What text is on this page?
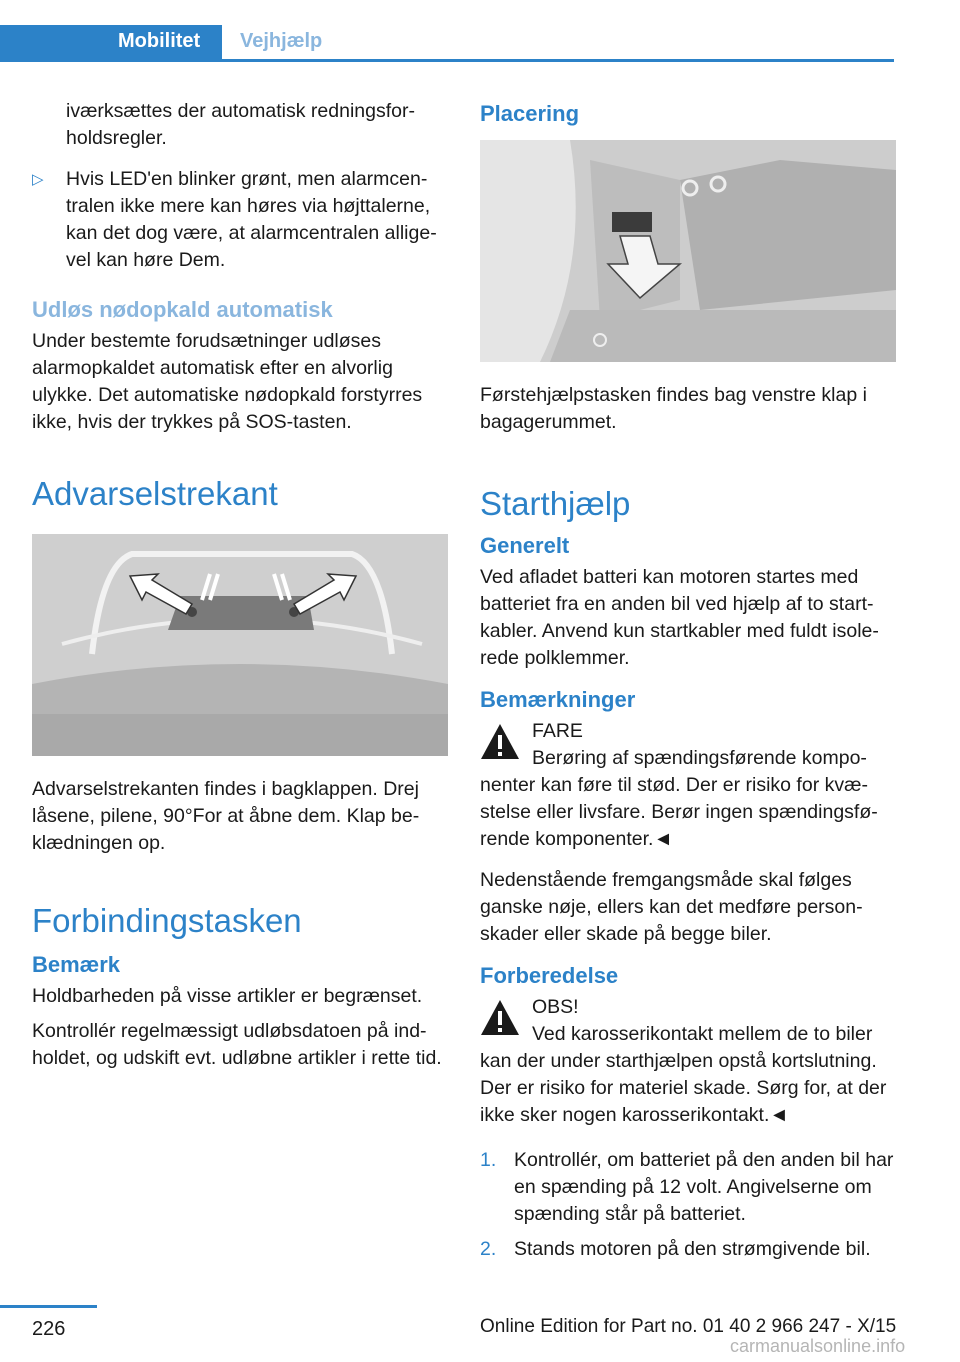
Mobilitet	Vejhjælp

iværksættes der automatisk redningsfor-holdsregler.

▷ Hvis LED'en blinker grønt, men alarmcen-tralen ikke mere kan høres via højttalerne, kan det dog være, at alarmcentralen allige-vel kan høre Dem.
Udløs nødopkald automatisk

Under bestemte forudsætninger udløses alarmopkaldet automatisk efter en alvorlig ulykke. Det automatiske nødopkald forstyrres ikke, hvis der trykkes på SOS-tasten.

Advarselstrekant

Advarselstrekanten findes i bagklappen. Drej låsene, pilene, 90°For at åbne dem. Klap be-klædningen op.

Forbindingstasken
Bemærk

Holdbarheden på visse artikler er begrænset.

Kontrollér regelmæssigt udløbsdatoen på ind-holdet, og udskift evt. udløbne artikler i rette tid.

Placering

Førstehjælpstasken findes bag venstre klap i bagagerummet.

Starthjælp
Generelt

Ved afladet batteri kan motoren startes med batteriet fra en anden bil ved hjælp af to start-kabler. Anvend kun startkabler med fuldt isole-rede polklemmer.

Bemærkninger
FARE
Berøring af spændingsførende kompo-nenter kan føre til stød. Der er risiko for kvæ-stelse eller livsfare. Berør ingen spændingsfø-rende komponenter.◄

Nedenstående fremgangsmåde skal følges ganske nøje, ellers kan det medføre person-skader eller skade på begge biler.

Forberedelse
OBS!
Ved karosserikontakt mellem de to biler kan der under starthjælpen opstå kortslutning. Der er risiko for materiel skade. Sørg for, at der ikke sker nogen karosserikontakt.◄
1. Kontrollér, om batteriet på den anden bil har en spænding på 12 volt. Angivelserne om spænding står på batteriet.
2. Stands motoren på den strømgivende bil.
226	Online Edition for Part no. 01 40 2 966 247 - X/15
carmanualsonline.info
